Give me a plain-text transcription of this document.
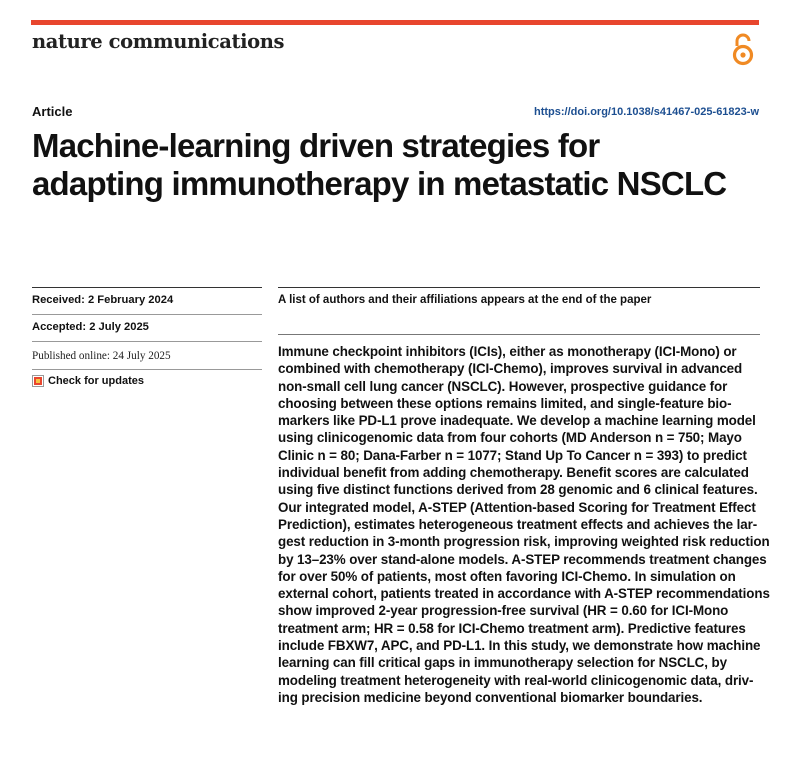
nature communications
Article	https://doi.org/10.1038/s41467-025-61823-w
Machine-learning driven strategies for adapting immunotherapy in metastatic NSCLC
Received: 2 February 2024
Accepted: 2 July 2025
Published online: 24 July 2025
Check for updates
A list of authors and their affiliations appears at the end of the paper
Immune checkpoint inhibitors (ICIs), either as monotherapy (ICI-Mono) or
combined with chemotherapy (ICI-Chemo), improves survival in advanced
non-small cell lung cancer (NSCLC). However, prospective guidance for
choosing between these options remains limited, and single-feature bio-
markers like PD-L1 prove inadequate. We develop a machine learning model
using clinicogenomic data from four cohorts (MD Anderson n = 750; Mayo
Clinic n = 80; Dana-Farber n = 1077; Stand Up To Cancer n = 393) to predict
individual benefit from adding chemotherapy. Benefit scores are calculated
using five distinct functions derived from 28 genomic and 6 clinical features.
Our integrated model, A-STEP (Attention-based Scoring for Treatment Effect
Prediction), estimates heterogeneous treatment effects and achieves the lar-
gest reduction in 3-month progression risk, improving weighted risk reduction
by 13–23% over stand-alone models. A-STEP recommends treatment changes
for over 50% of patients, most often favoring ICI-Chemo. In simulation on
external cohort, patients treated in accordance with A-STEP recommendations
show improved 2-year progression-free survival (HR = 0.60 for ICI-Mono
treatment arm; HR = 0.58 for ICI-Chemo treatment arm). Predictive features
include FBXW7, APC, and PD-L1. In this study, we demonstrate how machine
learning can fill critical gaps in immunotherapy selection for NSCLC, by
modeling treatment heterogeneity with real-world clinicogenomic data, driv-
ing precision medicine beyond conventional biomarker boundaries.
